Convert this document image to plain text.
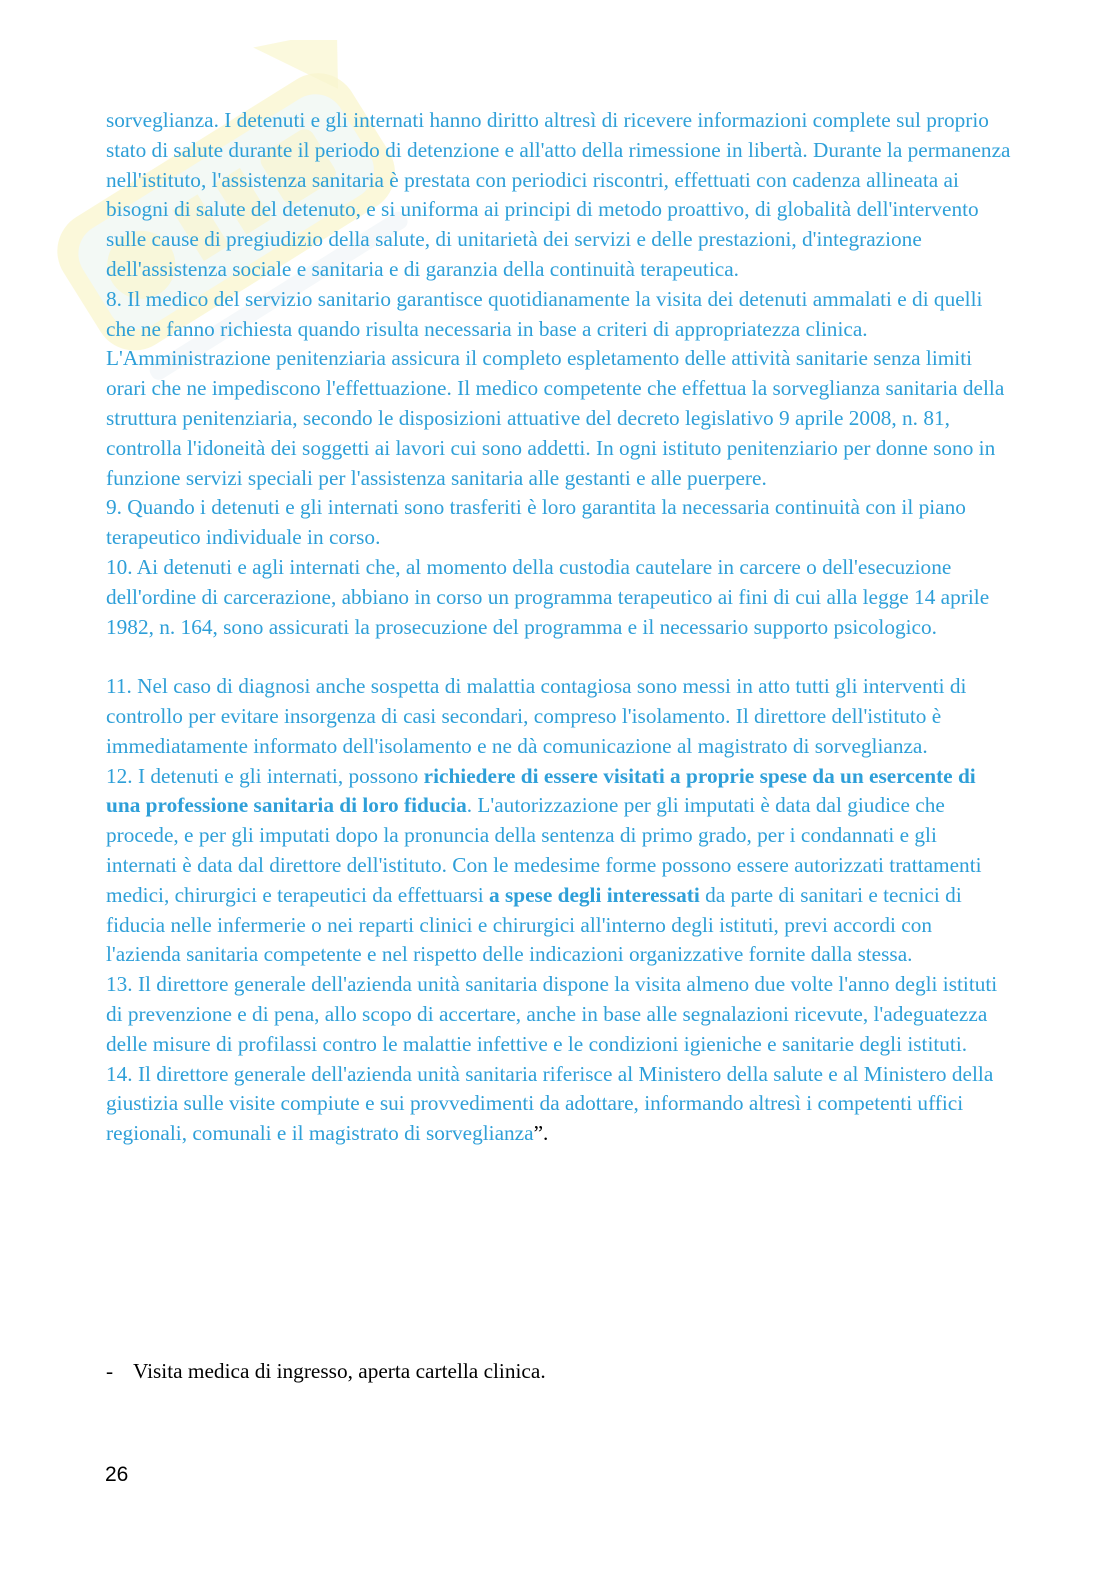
sorveglianza. I detenuti e gli internati hanno diritto altresì di ricevere informazioni complete sul proprio stato di salute durante il periodo di detenzione e all'atto della rimessione in libertà. Durante la permanenza nell'istituto, l'assistenza sanitaria è prestata con periodici riscontri, effettuati con cadenza allineata ai bisogni di salute del detenuto, e si uniforma ai principi di metodo proattivo, di globalità dell'intervento sulle cause di pregiudizio della salute, di unitarietà dei servizi e delle prestazioni, d'integrazione dell'assistenza sociale e sanitaria e di garanzia della continuità terapeutica.

8. Il medico del servizio sanitario garantisce quotidianamente la visita dei detenuti ammalati e di quelli che ne fanno richiesta quando risulta necessaria in base a criteri di appropriatezza clinica. L'Amministrazione penitenziaria assicura il completo espletamento delle attività sanitarie senza limiti orari che ne impediscono l'effettuazione. Il medico competente che effettua la sorveglianza sanitaria della struttura penitenziaria, secondo le disposizioni attuative del decreto legislativo 9 aprile 2008, n. 81, controlla l'idoneità dei soggetti ai lavori cui sono addetti. In ogni istituto penitenziario per donne sono in funzione servizi speciali per l'assistenza sanitaria alle gestanti e alle puerpere.

9. Quando i detenuti e gli internati sono trasferiti è loro garantita la necessaria continuità con il piano terapeutico individuale in corso.

10. Ai detenuti e agli internati che, al momento della custodia cautelare in carcere o dell'esecuzione dell'ordine di carcerazione, abbiano in corso un programma terapeutico ai fini di cui alla legge 14 aprile 1982, n. 164, sono assicurati la prosecuzione del programma e il necessario supporto psicologico.

11. Nel caso di diagnosi anche sospetta di malattia contagiosa sono messi in atto tutti gli interventi di controllo per evitare insorgenza di casi secondari, compreso l'isolamento. Il direttore dell'istituto è immediatamente informato dell'isolamento e ne dà comunicazione al magistrato di sorveglianza.

12. I detenuti e gli internati, possono richiedere di essere visitati a proprie spese da un esercente di una professione sanitaria di loro fiducia. L'autorizzazione per gli imputati è data dal giudice che procede, e per gli imputati dopo la pronuncia della sentenza di primo grado, per i condannati e gli internati è data dal direttore dell'istituto. Con le medesime forme possono essere autorizzati trattamenti medici, chirurgici e terapeutici da effettuarsi a spese degli interessati da parte di sanitari e tecnici di fiducia nelle infermerie o nei reparti clinici e chirurgici all'interno degli istituti, previ accordi con l'azienda sanitaria competente e nel rispetto delle indicazioni organizzative fornite dalla stessa.

13. Il direttore generale dell'azienda unità sanitaria dispone la visita almeno due volte l'anno degli istituti di prevenzione e di pena, allo scopo di accertare, anche in base alle segnalazioni ricevute, l'adeguatezza delle misure di profilassi contro le malattie infettive e le condizioni igieniche e sanitarie degli istituti.

14. Il direttore generale dell'azienda unità sanitaria riferisce al Ministero della salute e al Ministero della giustizia sulle visite compiute e sui provvedimenti da adottare, informando altresì i competenti uffici regionali, comunali e il magistrato di sorveglianza”.

- Visita medica di ingresso, aperta cartella clinica.
26
